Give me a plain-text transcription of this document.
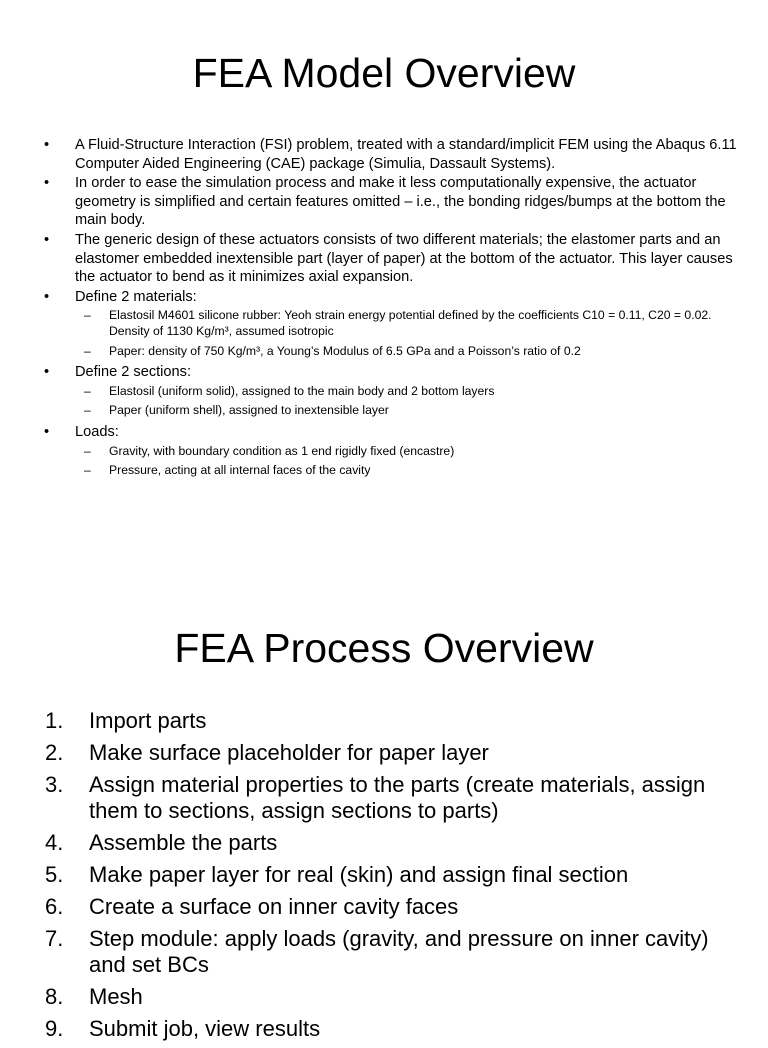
FEA Model Overview
• A Fluid-Structure Interaction (FSI) problem, treated with a standard/implicit FEM using the Abaqus 6.11 Computer Aided Engineering (CAE) package (Simulia, Dassault Systems).
• In order to ease the simulation process and make it less computationally expensive, the actuator geometry is simplified and certain features omitted – i.e., the bonding ridges/bumps at the bottom the main body.
• The generic design of these actuators consists of two different materials; the elastomer parts and an elastomer embedded inextensible part (layer of paper) at the bottom of the actuator. This layer causes the actuator to bend as it minimizes axial expansion.
• Define 2 materials:
– Elastosil M4601 silicone rubber: Yeoh strain energy potential defined by the coefficients C10 = 0.11, C20 = 0.02. Density of 1130 Kg/m³, assumed isotropic
– Paper: density of 750 Kg/m³, a Young’s Modulus of 6.5 GPa and a Poisson’s ratio of 0.2
• Define 2 sections:
– Elastosil (uniform solid), assigned to the main body and 2 bottom layers
– Paper (uniform shell), assigned to inextensible layer
• Loads:
– Gravity, with boundary condition as 1 end rigidly fixed (encastre)
– Pressure, acting at all internal faces of the cavity
FEA Process Overview
1. Import parts
2. Make surface placeholder for paper layer
3. Assign material properties to the parts (create materials, assign them to sections, assign sections to parts)
4. Assemble the parts
5. Make paper layer for real (skin) and assign final section
6. Create a surface on inner cavity faces
7. Step module: apply loads (gravity, and pressure on inner cavity) and set BCs
8. Mesh
9. Submit job, view results
